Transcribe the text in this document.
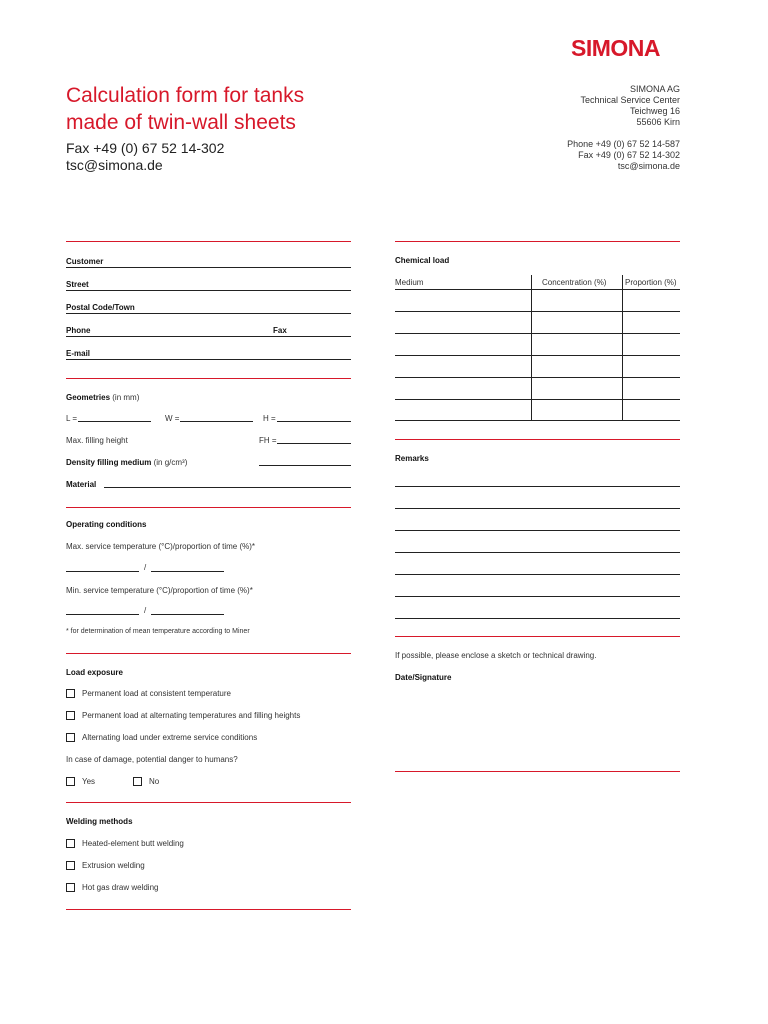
SIMONA
Calculation form for tanks
made of twin-wall sheets
Fax +49 (0) 67 52 14-302
tsc@simona.de
SIMONA AG
Technical Service Center
Teichweg 16
55606 Kirn
Phone +49 (0) 67 52 14-587
Fax +49 (0) 67 52 14-302
tsc@simona.de
Customer
Street
Postal Code/Town
Phone	Fax
E-mail
Geometries (in mm)
L =	W =	H =
Max. filling height	FH =
Density filling medium (in g/cm³)
Material
Operating conditions
Max. service temperature (°C)/proportion of time (%)*
/
Min. service temperature (°C)/proportion of time (%)*
/
* for determination of mean temperature according to Miner
Load exposure
Permanent load at consistent temperature
Permanent load at alternating temperatures and filling heights
Alternating load under extreme service conditions
In case of damage, potential danger to humans?
Yes	No
Welding methods
Heated-element butt welding
Extrusion welding
Hot gas draw welding
Chemical load
Medium	Concentration (%) Proportion (%)
Remarks
If possible, please enclose a sketch or technical drawing.
Date/Signature
